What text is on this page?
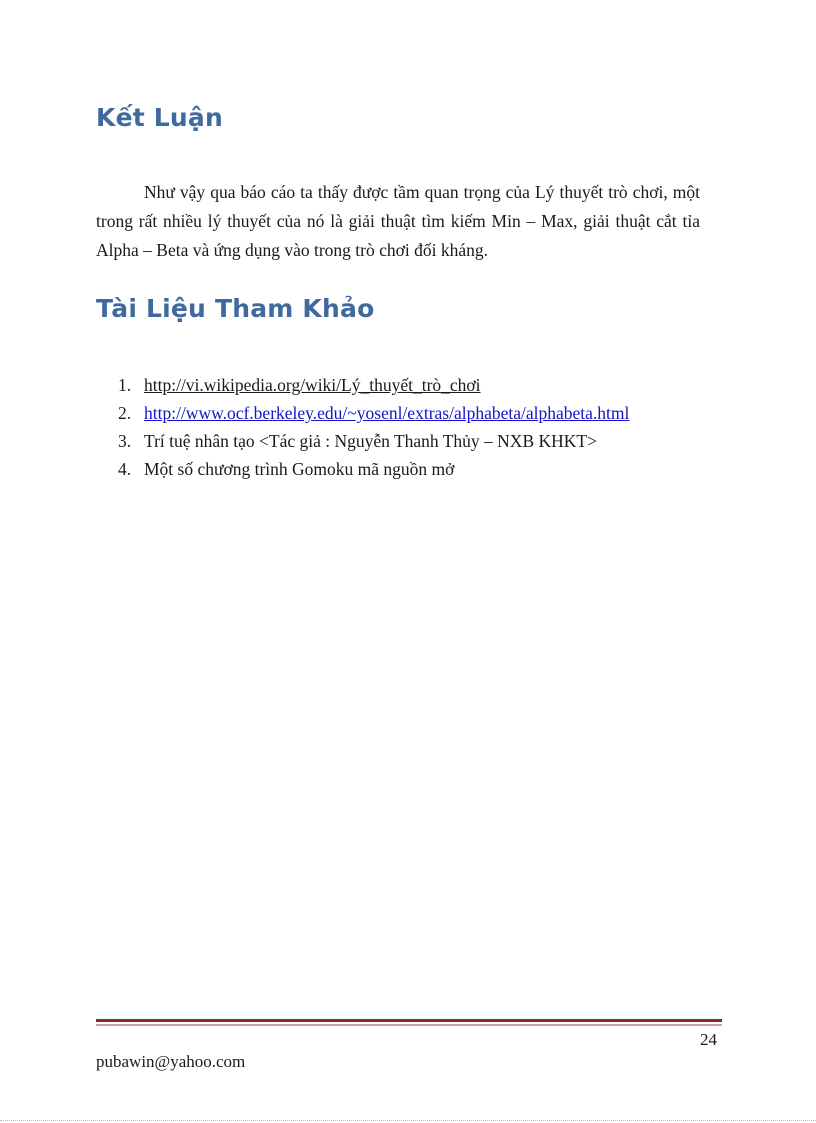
Kết Luận

Như vậy qua báo cáo ta thấy được tầm quan trọng của Lý thuyết trò chơi, một trong rất nhiều lý thuyết của nó là giải thuật tìm kiếm Min – Max, giải thuật cắt tỉa Alpha – Beta và ứng dụng vào trong trò chơi đối kháng.

Tài Liệu Tham Khảo
1. http://vi.wikipedia.org/wiki/Lý_thuyết_trò_chơi
2. http://www.ocf.berkeley.edu/~yosenl/extras/alphabeta/alphabeta.html
3. Trí tuệ nhân tạo <Tác giả : Nguyễn Thanh Thủy – NXB KHKT>
4. Một số chương trình Gomoku mã nguồn mở
24
pubawin@yahoo.com
